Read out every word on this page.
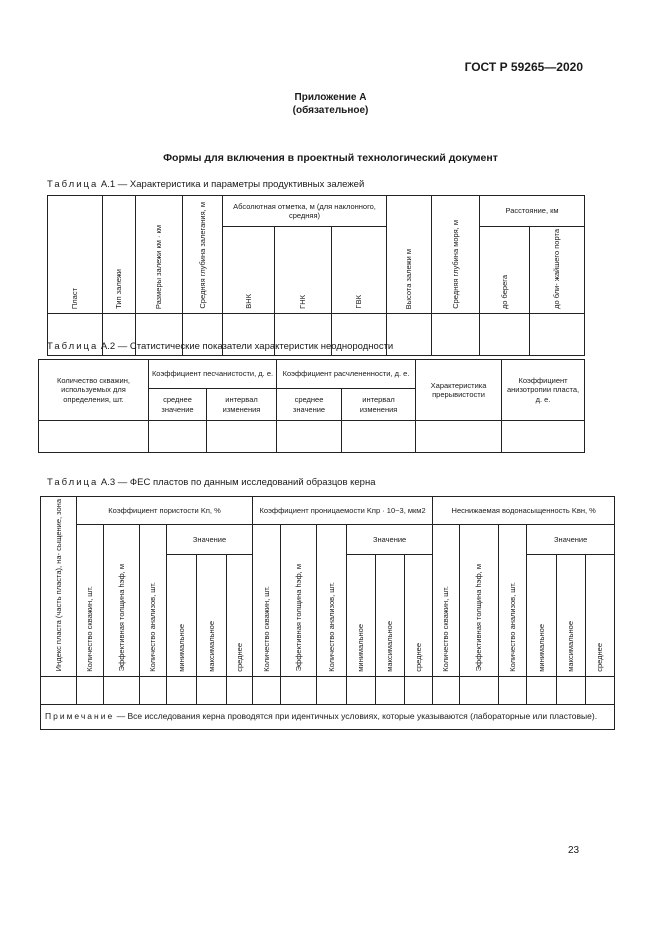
ГОСТ Р 59265—2020
Приложение А
(обязательное)
Формы для включения в проектный технологический документ
Таблица А.1 — Характеристика и параметры продуктивных залежей
Пласт	Тип залежи	Размеры залежи км · км	Средняя глубина залегания, м	Абсолютная отметка, м (для наклонного, средняя)			Высота залежи м	Средняя глубина моря, м	Расстояние, км	
				ВНК	ГНК	ГВК			до берега	до бли- жайшего порта

Таблица А.2 — Статистические показатели характеристик неоднородности
Количество скважин, используемых для определения, шт.	Коэффициент песчанистости, д. е.		Коэффициент расчлененности, д. е.		Характеристика прерывистости	Коэффициент анизотропии пласта, д. е.
	среднее значение	интервал изменения	среднее значение	интервал изменения		

Таблица А.3 — ФЕС пластов по данным исследований образцов керна
Индекс пласта (часть пласта), на- сыщение, зона	Коэффициент пористости Kп, %						Коэффициент проницаемости Kпр · 10−3, мкм2						Неснижаемая водонасыщенность Kвн, %					
	Количество скважин, шт.	Эффективная толщина hэф, м	Количество анализов, шт.	Значение			Количество скважин, шт.	Эффективная толщина hэф, м	Количество анализов, шт.	Значение			Количество скважин, шт.	Эффективная толщина hэф, м	Количество анализов, шт.	Значение		
				минимальное	максимальное	среднее				минимальное	максимальное	среднее				минимальное	максимальное	среднее

Примечание — Все исследования керна проводятся при идентичных условиях, которые указываются (лабораторные или пластовые).																		
23
